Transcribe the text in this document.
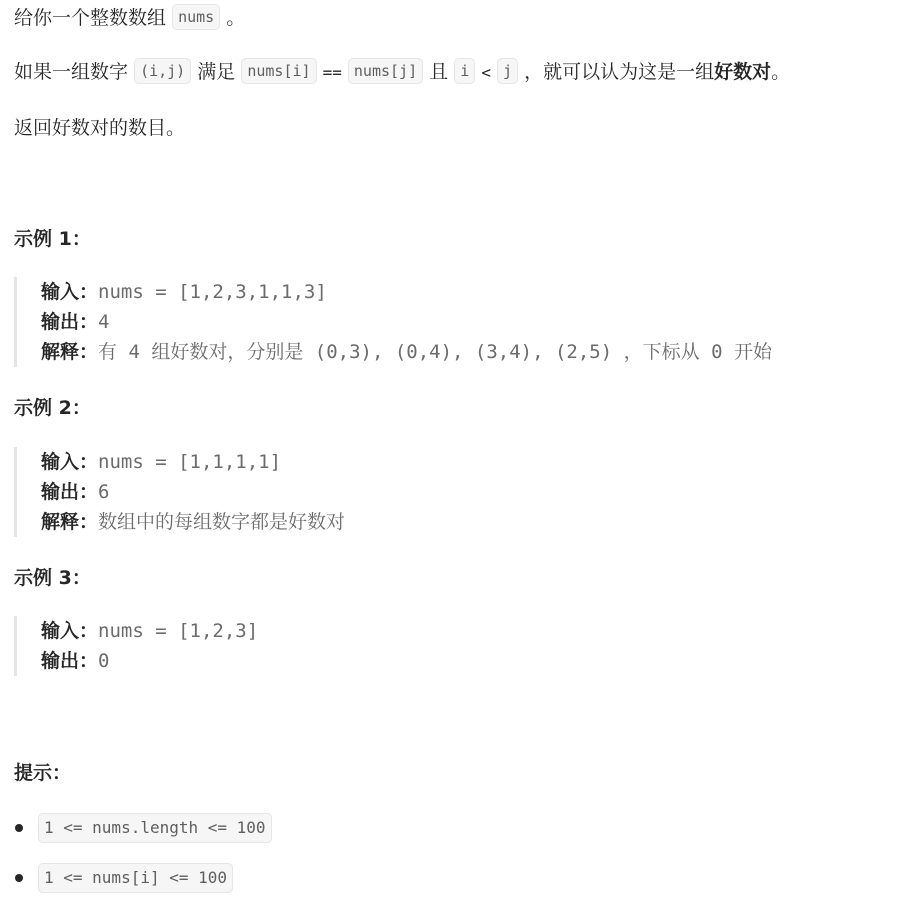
给你一个整数数组 nums 。
如果一组数字 (i,j) 满足 nums[i] == nums[j] 且 i < j ，就可以认为这是一组好数对。
返回好数对的数目。
示例 1：
输入：nums = [1,2,3,1,1,3]
输出：4
解释：有 4 组好数对，分别是 (0,3), (0,4), (3,4), (2,5) ，下标从 0 开始
示例 2：
输入：nums = [1,1,1,1]
输出：6
解释：数组中的每组数字都是好数对
示例 3：
输入：nums = [1,2,3]
输出：0
提示：
1 <= nums.length <= 100
1 <= nums[i] <= 100
